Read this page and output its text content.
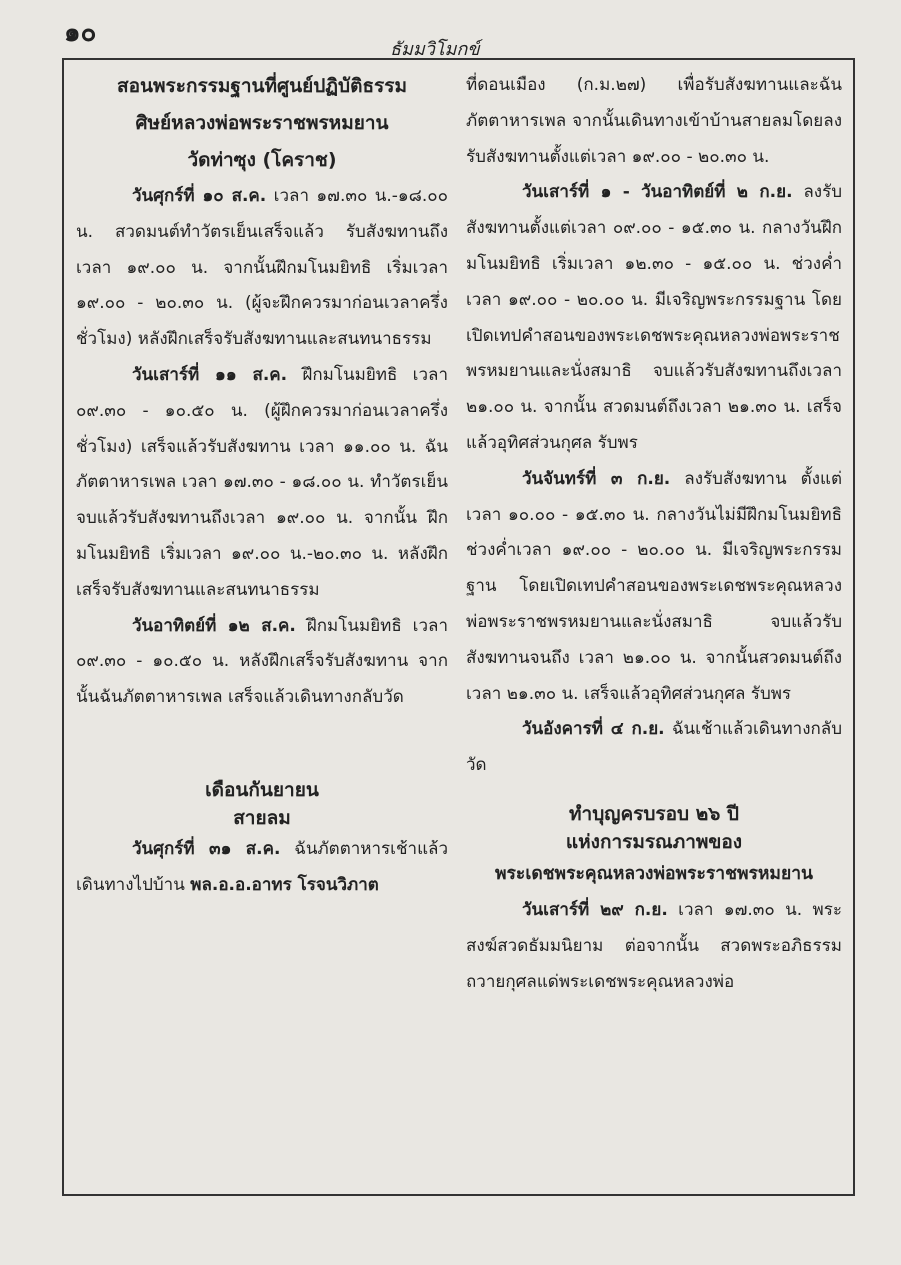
๑๐
ธัมมวิโมกข์

สอนพระกรรมฐานที่ศูนย์ปฏิบัติธรรม

ศิษย์หลวงพ่อพระราชพรหมยาน

วัดท่าซุง (โคราช)

วันศุกร์ที่ ๑๐ ส.ค. เวลา ๑๗.๓๐ น.-๑๘.๐๐ น. สวดมนต์ทำวัตรเย็นเสร็จแล้ว รับสังฆทานถึงเวลา ๑๙.๐๐ น. จากนั้นฝึกมโนมยิทธิ เริ่มเวลา ๑๙.๐๐ - ๒๐.๓๐ น. (ผู้จะฝึกควรมาก่อนเวลาครึ่งชั่วโมง) หลังฝึกเสร็จรับสังฆทานและสนทนาธรรม

วันเสาร์ที่ ๑๑ ส.ค. ฝึกมโนมยิทธิ เวลา ๐๙.๓๐ - ๑๐.๕๐ น. (ผู้ฝึกควรมาก่อนเวลาครึ่งชั่วโมง) เสร็จแล้วรับสังฆทาน เวลา ๑๑.๐๐ น. ฉันภัตตาหารเพล เวลา ๑๗.๓๐ - ๑๘.๐๐ น. ทำวัตรเย็น จบแล้วรับสังฆทานถึงเวลา ๑๙.๐๐ น. จากนั้น ฝึกมโนมยิทธิ เริ่มเวลา ๑๙.๐๐ น.-๒๐.๓๐ น. หลังฝึกเสร็จรับสังฆทานและสนทนาธรรม

วันอาทิตย์ที่ ๑๒ ส.ค. ฝึกมโนมยิทธิ เวลา ๐๙.๓๐ - ๑๐.๕๐ น. หลังฝึกเสร็จรับสังฆทาน จากนั้นฉันภัตตาหารเพล เสร็จแล้วเดินทางกลับวัด

เดือนกันยายน

สายลม

วันศุกร์ที่ ๓๑ ส.ค. ฉันภัตตาหารเช้าแล้ว เดินทางไปบ้าน พล.อ.อ.อาทร โรจนวิภาต

ที่ดอนเมือง (ก.ม.๒๗) เพื่อรับสังฆทานและฉันภัตตาหารเพล จากนั้นเดินทางเข้าบ้านสายลมโดยลงรับสังฆทานตั้งแต่เวลา ๑๙.๐๐ - ๒๐.๓๐ น.

วันเสาร์ที่ ๑ - วันอาทิตย์ที่ ๒ ก.ย. ลงรับสังฆทานตั้งแต่เวลา ๐๙.๐๐ - ๑๕.๓๐ น. กลางวันฝึกมโนมยิทธิ เริ่มเวลา ๑๒.๓๐ - ๑๕.๐๐ น. ช่วงค่ำ เวลา ๑๙.๐๐ - ๒๐.๐๐ น. มีเจริญพระกรรมฐาน โดยเปิดเทปคำสอนของพระเดชพระคุณหลวงพ่อพระราชพรหมยานและนั่งสมาธิ จบแล้วรับสังฆทานถึงเวลา ๒๑.๐๐ น. จากนั้น สวดมนต์ถึงเวลา ๒๑.๓๐ น. เสร็จแล้วอุทิศส่วนกุศล รับพร

วันจันทร์ที่ ๓ ก.ย. ลงรับสังฆทาน ตั้งแต่เวลา ๑๐.๐๐ - ๑๕.๓๐ น. กลางวันไม่มีฝึกมโนมยิทธิ ช่วงค่ำเวลา ๑๙.๐๐ - ๒๐.๐๐ น. มีเจริญพระกรรมฐาน โดยเปิดเทปคำสอนของพระเดชพระคุณหลวงพ่อพระราชพรหมยานและนั่งสมาธิ จบแล้วรับสังฆทานจนถึง เวลา ๒๑.๐๐ น. จากนั้นสวดมนต์ถึงเวลา ๒๑.๓๐ น. เสร็จแล้วอุทิศส่วนกุศล รับพร

วันอังคารที่ ๔ ก.ย. ฉันเช้าแล้วเดินทางกลับวัด

ทำบุญครบรอบ ๒๖ ปี

แห่งการมรณภาพของ

พระเดชพระคุณหลวงพ่อพระราชพรหมยาน

วันเสาร์ที่ ๒๙ ก.ย. เวลา ๑๗.๓๐ น. พระสงฆ์สวดธัมมนิยาม ต่อจากนั้น สวดพระอภิธรรมถวายกุศลแด่พระเดชพระคุณหลวงพ่อ
